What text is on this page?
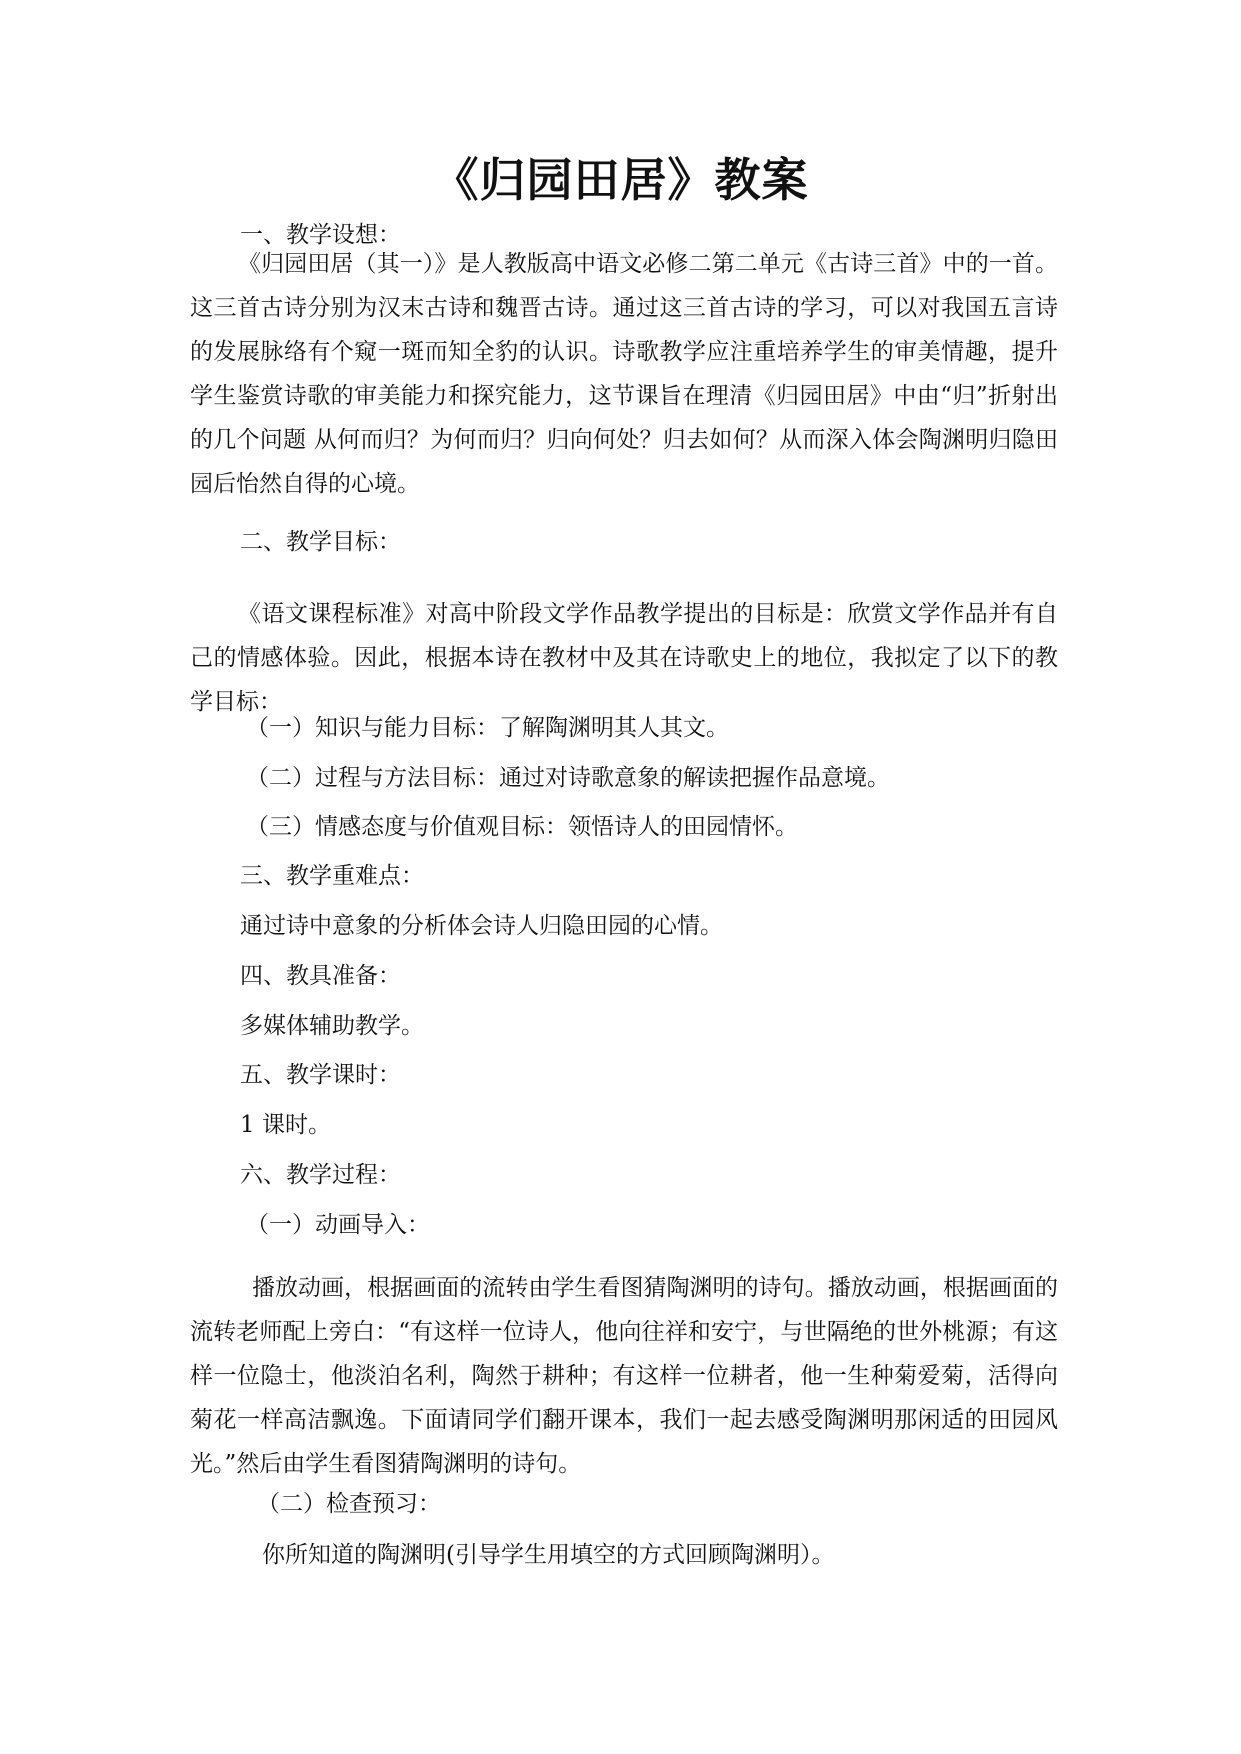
《归园田居》教案

一、教学设想：

《归园田居（其一）》是人教版高中语文必修二第二单元《古诗三首》中的一首。这三首古诗分别为汉末古诗和魏晋古诗。通过这三首古诗的学习，可以对我国五言诗的发展脉络有个窥一斑而知全豹的认识。诗歌教学应注重培养学生的审美情趣，提升学生鉴赏诗歌的审美能力和探究能力，这节课旨在理清《归园田居》中由“归”折射出的几个问题 从何而归？为何而归？归向何处？归去如何？从而深入体会陶渊明归隐田园后怡然自得的心境。

二、教学目标：

《语文课程标准》对高中阶段文学作品教学提出的目标是：欣赏文学作品并有自己的情感体验。因此，根据本诗在教材中及其在诗歌史上的地位，我拟定了以下的教学目标：

（一）知识与能力目标：了解陶渊明其人其文。

（二）过程与方法目标：通过对诗歌意象的解读把握作品意境。

（三）情感态度与价值观目标：领悟诗人的田园情怀。

三、教学重难点：

通过诗中意象的分析体会诗人归隐田园的心情。

四、教具准备：

多媒体辅助教学。

五、教学课时：

1 课时。

六、教学过程：

（一）动画导入：

播放动画，根据画面的流转由学生看图猜陶渊明的诗句。播放动画，根据画面的流转老师配上旁白：“有这样一位诗人，他向往祥和安宁，与世隔绝的世外桃源；有这样一位隐士，他淡泊名利，陶然于耕种；有这样一位耕者，他一生种菊爱菊，活得向菊花一样高洁飘逸。下面请同学们翻开课本，我们一起去感受陶渊明那闲适的田园风光。”然后由学生看图猜陶渊明的诗句。

（二）检查预习：

你所知道的陶渊明(引导学生用填空的方式回顾陶渊明）。
